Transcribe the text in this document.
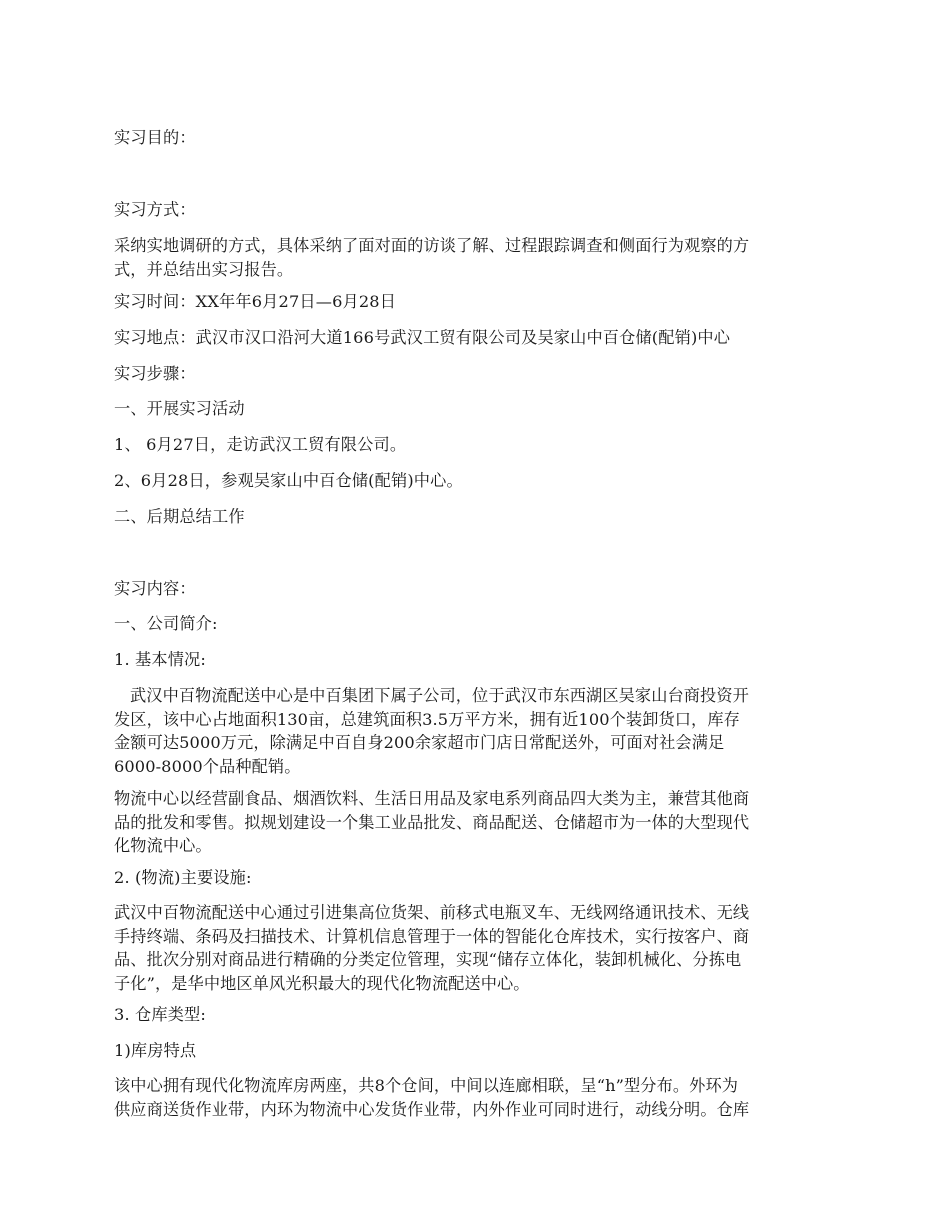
实习目的：
实习方式：
采纳实地调研的方式，具体采纳了面对面的访谈了解、过程跟踪调查和侧面行为观察的方
式，并总结出实习报告。
实习时间：XX年年6月27日—6月28日
实习地点：武汉市汉口沿河大道166号武汉工贸有限公司及吴家山中百仓储(配销)中心
实习步骤：
一、开展实习活动
1、 6月27日，走访武汉工贸有限公司。
2、6月28日，参观吴家山中百仓储(配销)中心。
二、后期总结工作
实习内容：
一、公司简介:
1. 基本情况:
武汉中百物流配送中心是中百集团下属子公司，位于武汉市东西湖区吴家山台商投资开
发区，该中心占地面积130亩，总建筑面积3.5万平方米，拥有近100个装卸货口，库存
金额可达5000万元，除满足中百自身200余家超市门店日常配送外，可面对社会满足
6000-8000个品种配销。
物流中心以经营副食品、烟酒饮料、生活日用品及家电系列商品四大类为主，兼营其他商
品的批发和零售。拟规划建设一个集工业品批发、商品配送、仓储超市为一体的大型现代
化物流中心。
2. (物流)主要设施:
武汉中百物流配送中心通过引进集高位货架、前移式电瓶叉车、无线网络通讯技术、无线
手持终端、条码及扫描技术、计算机信息管理于一体的智能化仓库技术，实行按客户、商
品、批次分别对商品进行精确的分类定位管理，实现“储存立体化，装卸机械化、分拣电
子化”，是华中地区单风光积最大的现代化物流配送中心。
3. 仓库类型:
1)库房特点
该中心拥有现代化物流库房两座，共8个仓间，中间以连廊相联，呈“h”型分布。外环为
供应商送货作业带，内环为物流中心发货作业带，内外作业可同时进行，动线分明。仓库
